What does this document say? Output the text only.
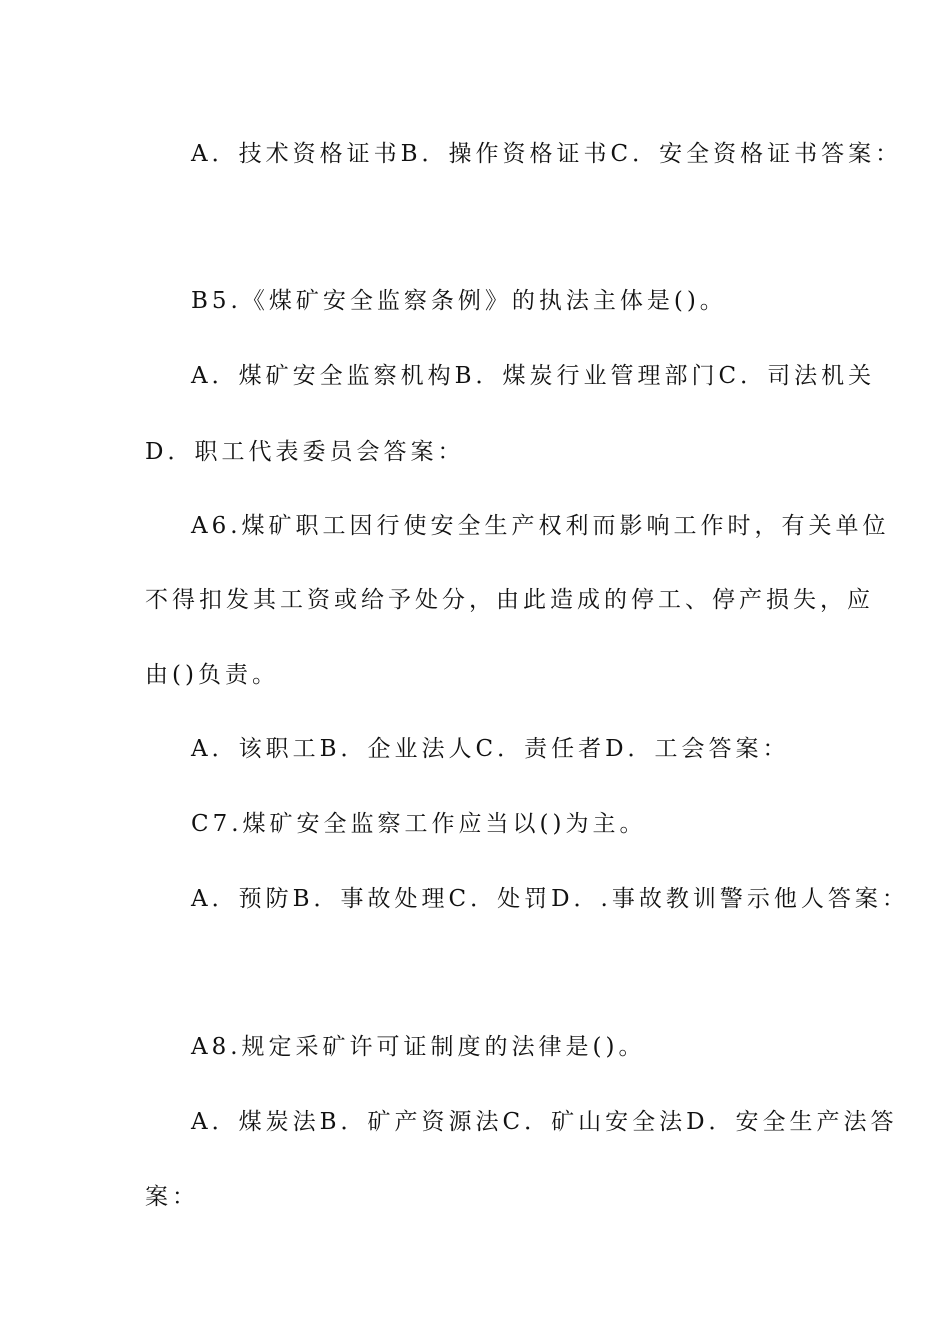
A．技术资格证书B．操作资格证书C．安全资格证书答案：
B5.《煤矿安全监察条例》的执法主体是()。
A．煤矿安全监察机构B．煤炭行业管理部门C．司法机关
D．职工代表委员会答案：
A6.煤矿职工因行使安全生产权利而影响工作时，有关单位
不得扣发其工资或给予处分，由此造成的停工、停产损失，应
由()负责。
A．该职工B．企业法人C．责任者D．工会答案：
C7.煤矿安全监察工作应当以()为主。
A．预防B．事故处理C．处罚D．.事故教训警示他人答案：
A8.规定采矿许可证制度的法律是()。
A．煤炭法B．矿产资源法C．矿山安全法D．安全生产法答
案：
